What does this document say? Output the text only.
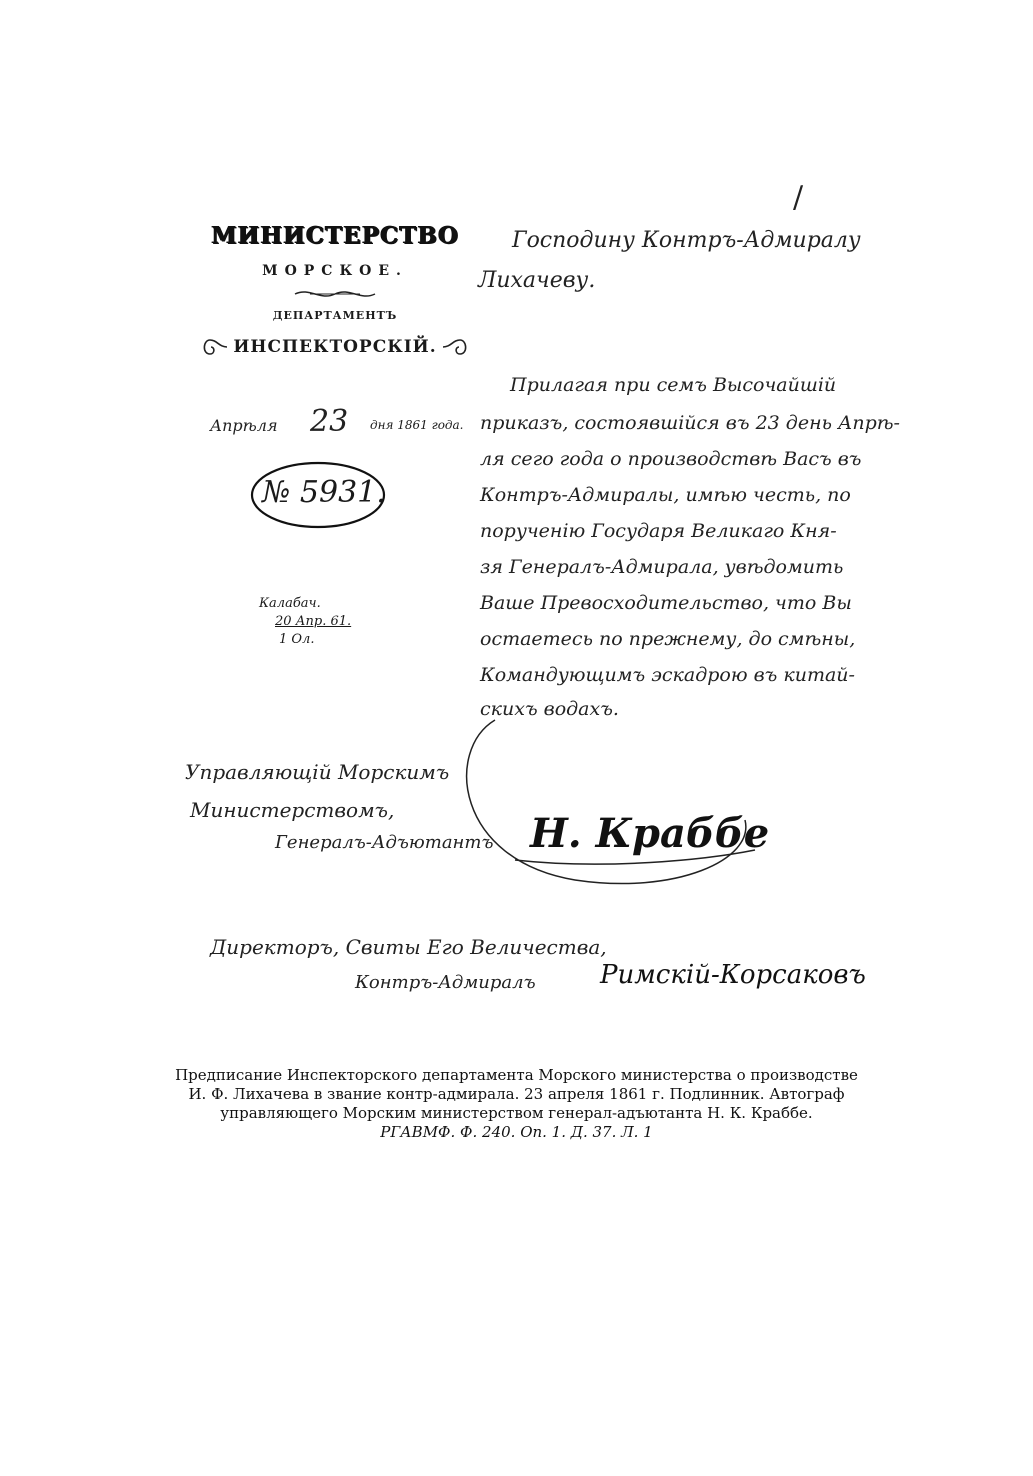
/
МИНИСТЕРСТВО
МОРСКОЕ.
ДЕПАРТАМЕНТЪ
ИНСПЕКТОРСКІЙ.
Апрѣля 23 дня 1861 года.
№ 5931.
Калабач.
20 Апр. 61.
1 Ол.
Господину Контръ-Адмиралу
Лихачеву.
Прилагая при семъ Высочайшій
приказъ, состоявшійся въ 23 день Апрѣ-
ля сего года о производствѣ Васъ въ
Контръ-Адмиралы, имѣю честь, по
порученію Государя Великаго Кня-
зя Генералъ-Адмирала, увѣдомить
Ваше Превосходительство, что Вы
остаетесь по прежнему, до смѣны,
Командующимъ эскадрою въ китай-
скихъ водахъ.
Управляющій Морскимъ
Министерствомъ,
Генералъ-Адъютантъ Н. Краббе
Директоръ, Свиты Его Величества,
Контръ-Адмиралъ Римскій-Корсаковъ
Предписание Инспекторского департамента Морского министерства о производстве
И. Ф. Лихачева в звание контр-адмирала. 23 апреля 1861 г. Подлинник. Автограф
управляющего Морским министерством генерал-адъютанта Н. К. Краббе.
РГАВМФ. Ф. 240. Оп. 1. Д. 37. Л. 1
